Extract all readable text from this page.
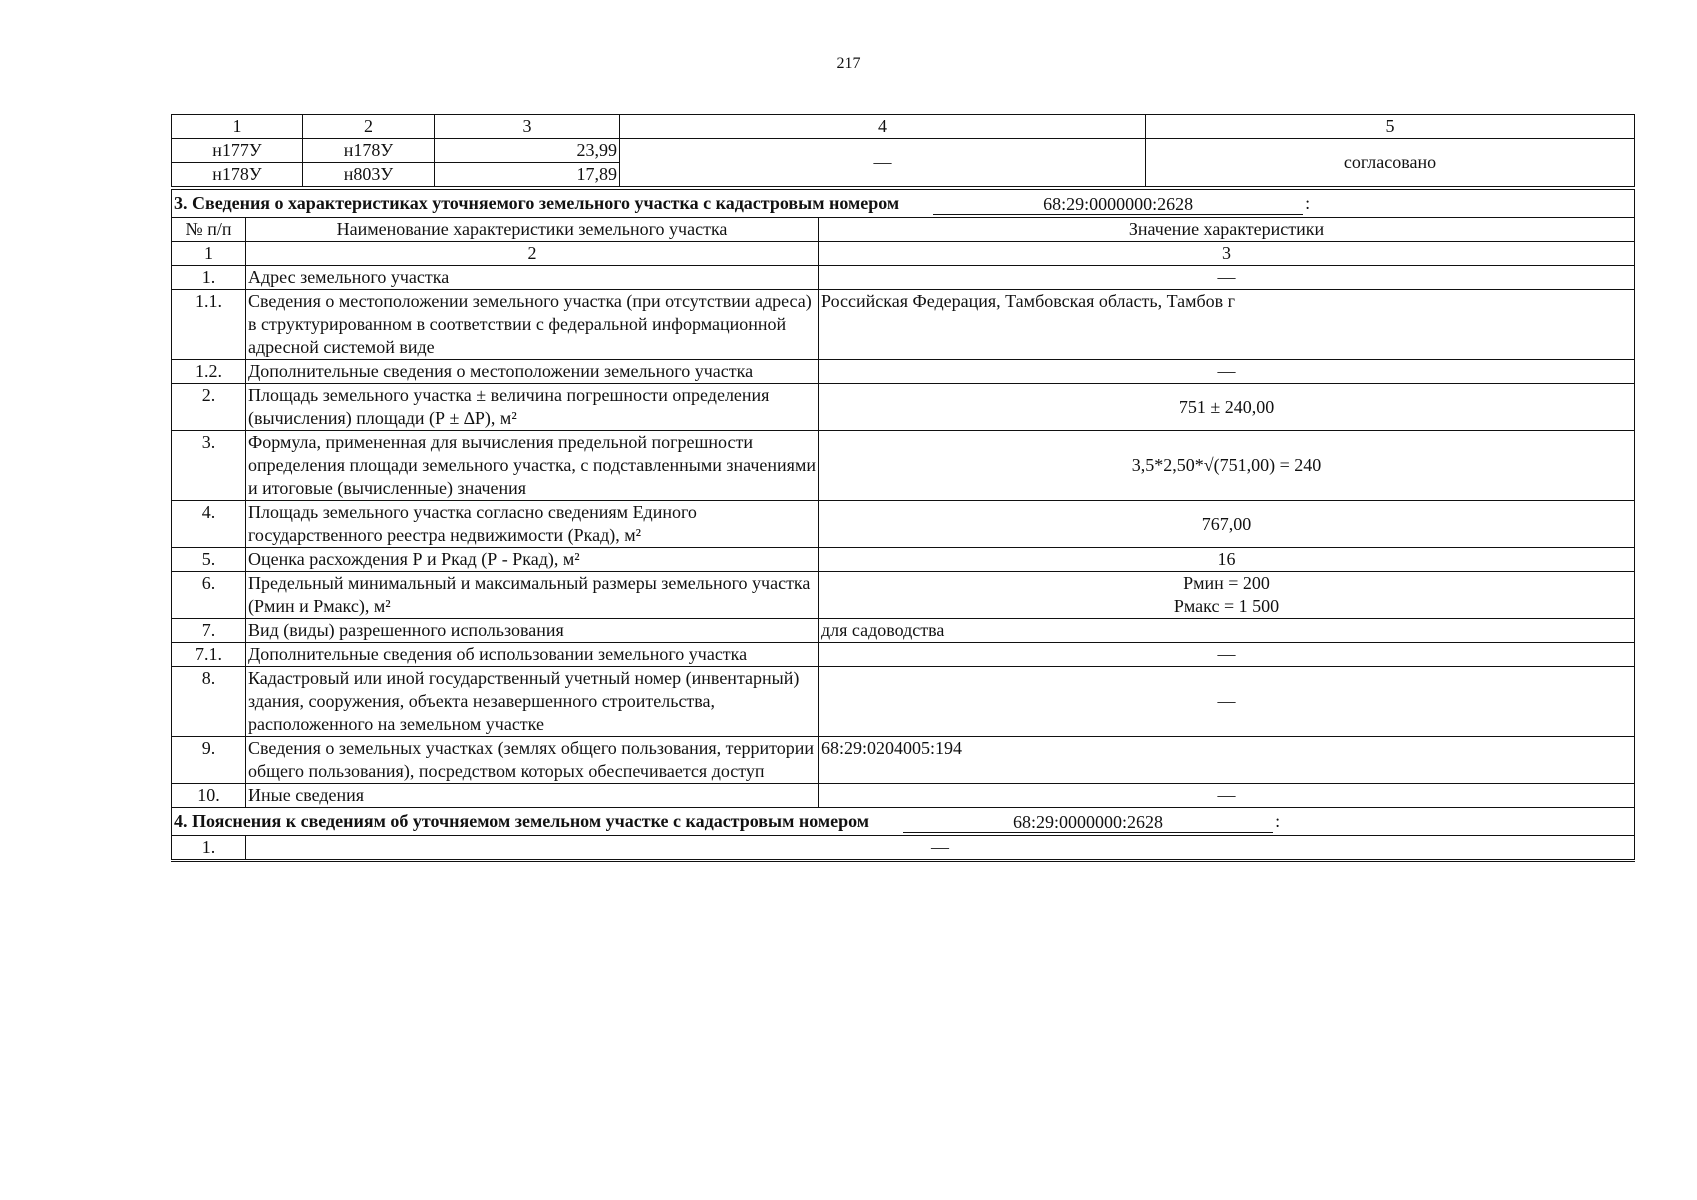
217
1	2	3	4	5
н177У	н178У	23,99	—	согласовано
н178У	н803У	17,89		
3. Сведения о характеристиках уточняемого земельного участка с кадастровым номером 68:29:0000000:2628 :		

№ п/п	Наименование характеристики земельного участка	Значение характеристики
1	2	3
1.	Адрес земельного участка	—
1.1.	Сведения о местоположении земельного участка (при отсутствии адреса) в структурированном в соответствии с федеральной информационной адресной системой виде	Российская Федерация, Тамбовская область, Тамбов г
1.2.	Дополнительные сведения о местоположении земельного участка	—
2.	Площадь земельного участка ± величина погрешности определения (вычисления) площади (Р ± ∆Р), м²	751 ± 240,00
3.	Формула, примененная для вычисления предельной погрешности определения площади земельного участка, с подставленными значениями и итоговые (вычисленные) значения	3,5*2,50*√(751,00) = 240
4.	Площадь земельного участка согласно сведениям Единого государственного реестра недвижимости (Ркад), м²	767,00
5.	Оценка расхождения Р и Ркад (Р - Ркад), м²	16
6.	Предельный минимальный и максимальный размеры земельного участка (Рмин и Рмакс), м²	Рмин = 200
Рмакс = 1 500

7.	Вид (виды) разрешенного использования	для садоводства
7.1.	Дополнительные сведения об использовании земельного участка	—
8.	Кадастровый или иной государственный учетный номер (инвентарный) здания, сооружения, объекта незавершенного строительства, расположенного на земельном участке	—
9.	Сведения о земельных участках (землях общего пользования, территории общего пользования), посредством которых обеспечивается доступ	68:29:0204005:194
10.	Иные сведения	—

4. Пояснения к сведениям об уточняемом земельном участке с кадастровым номером 68:29:0000000:2628 :		

1.	—	
